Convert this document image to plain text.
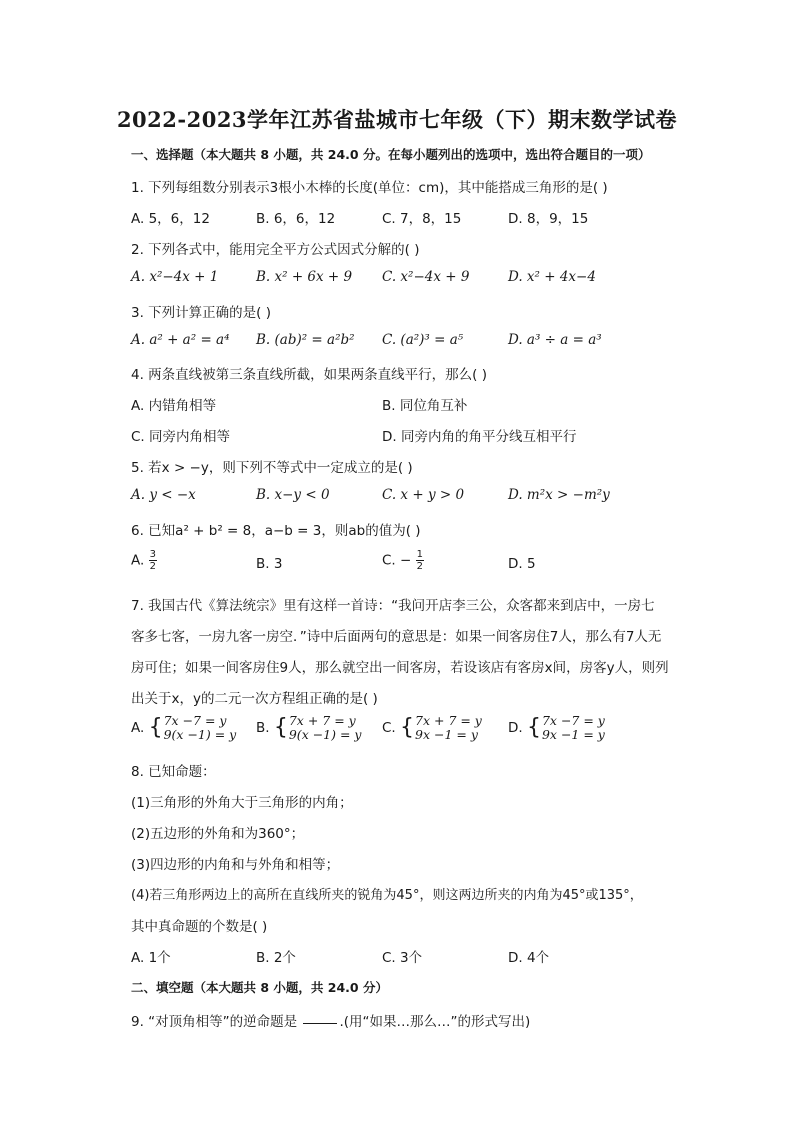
2022-2023学年江苏省盐城市七年级（下）期末数学试卷
一、选择题（本大题共 8 小题，共 24.0 分。在每小题列出的选项中，选出符合题目的一项）
1. 下列每组数分别表示3根小木棒的长度(单位：cm)，其中能搭成三角形的是( )
A. 5，6，12	B. 6，6，12	C. 7，8，15	D. 8，9，15
2. 下列各式中，能用完全平方公式因式分解的( )
A. x²−4x + 1	B. x² + 6x + 9 C. x²−4x + 9	D. x² + 4x−4
3. 下列计算正确的是( )
A. a² + a² = a⁴ B. (ab)² = a²b² C. (a²)³ = a⁵	D. a³ ÷ a = a³
4. 两条直线被第三条直线所截，如果两条直线平行，那么( )
A. 内错角相等	B. 同位角互补
C. 同旁内角相等	D. 同旁内角的角平分线互相平行
5. 若x > −y，则下列不等式中一定成立的是( )
A. y < −x	B. x−y < 0	C. x + y > 0	D. m²x > −m²y
6. 已知a² + b² = 8，a−b = 3，则ab的值为( )
A. $\frac{3}{2}$	B. 3	C. − $\frac{1}{2}$	D. 5
7. 我国古代《算法统宗》里有这样一首诗：“我问开店李三公，众客都来到店中，一房七
客多七客，一房九客一房空．”诗中后面两句的意思是：如果一间客房住7人，那么有7人无
房可住；如果一间客房住9人，那么就空出一间客房，若设该店有客房x间，房客y人，则列
出关于x，y的二元一次方程组正确的是( )
A. { 7x −7 = y
9(x −1) = y B. { 7x + 7 = y
9(x −1) = y C. { 7x + 7 = y
9x −1 = y D. { 7x −7 = y
9x −1 = y
8. 已知命题：
(1)三角形的外角大于三角形的内角；
(2)五边形的外角和为360°；
(3)四边形的内角和与外角和相等；
(4)若三角形两边上的高所在直线所夹的锐角为45°，则这两边所夹的内角为45°或135°，
其中真命题的个数是( )
A. 1个	B. 2个	C. 3个	D. 4个
二、填空题（本大题共 8 小题，共 24.0 分）
9. “对顶角相等”的逆命题是	.(用“如果…那么…”的形式写出)
